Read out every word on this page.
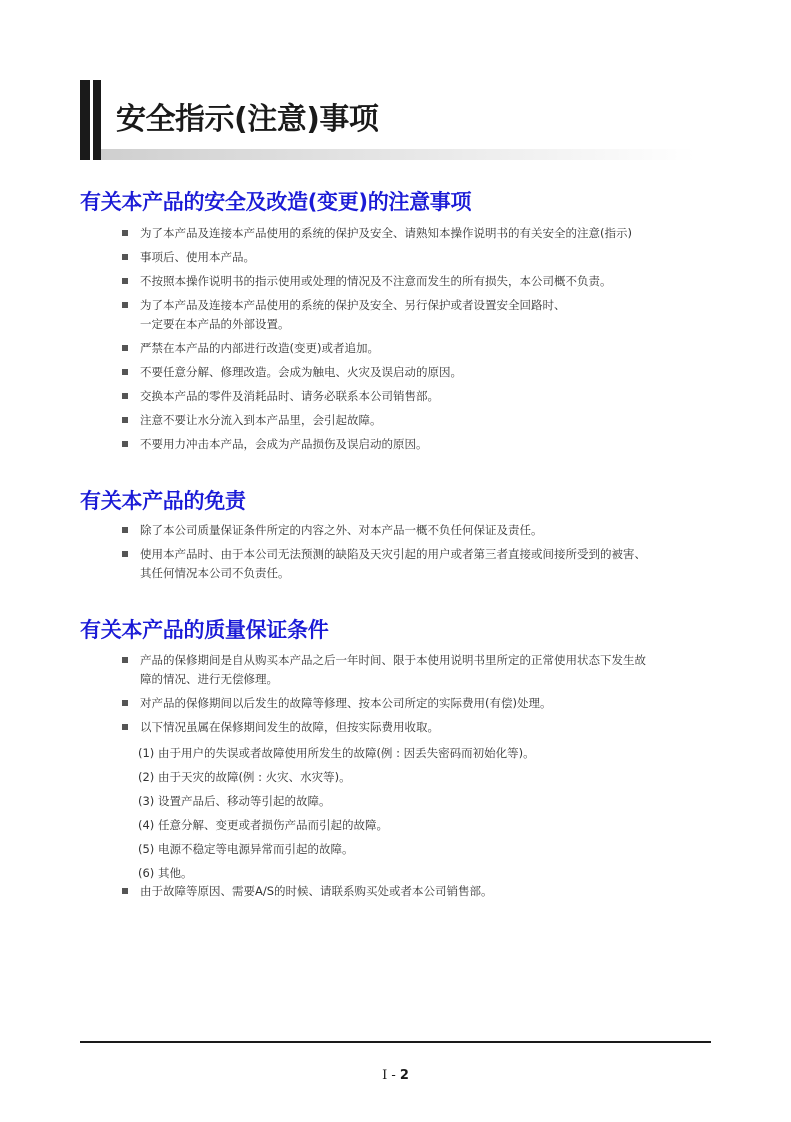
安全指示(注意)事项
有关本产品的安全及改造(变更)的注意事项
为了本产品及连接本产品使用的系统的保护及安全、请熟知本操作说明书的有关安全的注意(指示)
事项后、使用本产品。
不按照本操作说明书的指示使用或处理的情况及不注意而发生的所有损失，本公司概不负责。
为了本产品及连接本产品使用的系统的保护及安全、另行保护或者设置安全回路时、
一定要在本产品的外部设置。
严禁在本产品的内部进行改造(变更)或者追加。
不要任意分解、修理改造。会成为触电、火灾及误启动的原因。
交换本产品的零件及消耗品时、请务必联系本公司销售部。
注意不要让水分流入到本产品里，会引起故障。
不要用力冲击本产品，会成为产品损伤及误启动的原因。
有关本产品的免责
除了本公司质量保证条件所定的内容之外、对本产品一概不负任何保证及责任。
使用本产品时、由于本公司无法预测的缺陷及天灾引起的用户或者第三者直接或间接所受到的被害、
其任何情况本公司不负责任。
有关本产品的质量保证条件
产品的保修期间是自从购买本产品之后一年时间、限于本使用说明书里所定的正常使用状态下发生故
障的情况、进行无偿修理。
对产品的保修期间以后发生的故障等修理、按本公司所定的实际费用(有偿)处理。
以下情况虽属在保修期间发生的故障，但按实际费用收取。
(1) 由于用户的失误或者故障使用所发生的故障(例 : 因丢失密码而初始化等)。
(2) 由于天灾的故障(例 : 火灾、水灾等)。
(3) 设置产品后、移动等引起的故障。
(4) 任意分解、变更或者损伤产品而引起的故障。
(5) 电源不稳定等电源异常而引起的故障。
(6) 其他。
由于故障等原因、需要A/S的时候、请联系购买处或者本公司销售部。
I - 2
